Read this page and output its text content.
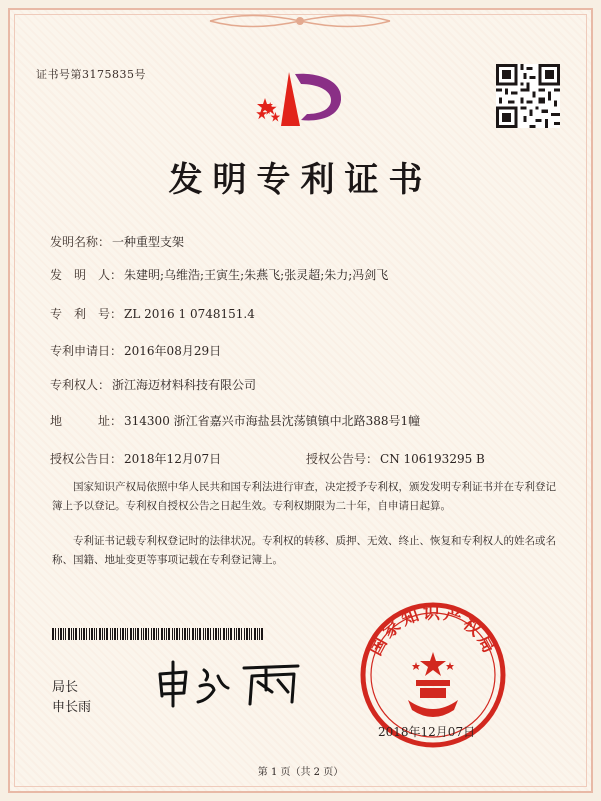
证书号第3175835号
发明专利证书
发明名称： 一种重型支架
发　明　人： 朱建明;乌维浩;王寅生;朱燕飞;张灵超;朱力;冯剑飞
专　利　号： ZL 2016 1 0748151.4
专利申请日： 2016年08月29日
专利权人： 浙江海迈材料科技有限公司
地　　　址： 314300 浙江省嘉兴市海盐县沈荡镇镇中北路388号1幢
授权公告日： 2018年12月07日	授权公告号： CN 106193295 B

国家知识产权局依照中华人民共和国专利法进行审查，决定授予专利权，颁发发明专利证书并在专利登记簿上予以登记。专利权自授权公告之日起生效。专利权期限为二十年，自申请日起算。

专利证书记载专利权登记时的法律状况。专利权的转移、质押、无效、终止、恢复和专利权人的姓名或名称、国籍、地址变更等事项记载在专利登记簿上。

局长
申长雨
国家知识产权局
2018年12月07日
第 1 页（共 2 页）
